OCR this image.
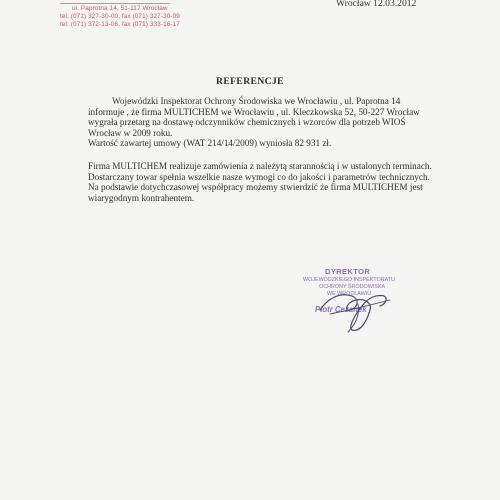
ul. Paprotna 14, 51-117 Wrocław
tel. (071) 327-30-00, fax (071) 327-30-09
tel. (071) 372-13-06, fax (071) 333-16-17
Wrocław 12.03.2012
REFERENCJE
Wojewódzki Inspektorat Ochrony Środowiska we Wrocławiu , ul. Paprotna 14
informuje , że firma MULTICHEM we Wrocławiu , ul. Kleczkowska 52, 50-227 Wrocław
wygrała przetarg na dostawę odczynników chemicznych i wzorców dla potrzeb WIOŚ
Wrocław w 2009 roku.
Wartość zawartej umowy (WAT 214/14/2009) wyniosła 82 931 zł.
Firma MULTICHEM realizuje zamówienia z należytą starannością i w ustalonych terminach.
Dostarczany towar spełnia wszelkie nasze wymogi co do jakości i parametrów technicznych.
Na podstawie dotychczasowej współpracy możemy stwierdzić że firma MULTICHEM jest
wiarygodnym kontrahentem.
DYREKTOR
WOJEWÓDZKIEGO INSPEKTORATU
OCHRONY ŚRODOWISKA
WE WROCŁAWIU
Piotr Cezanek
